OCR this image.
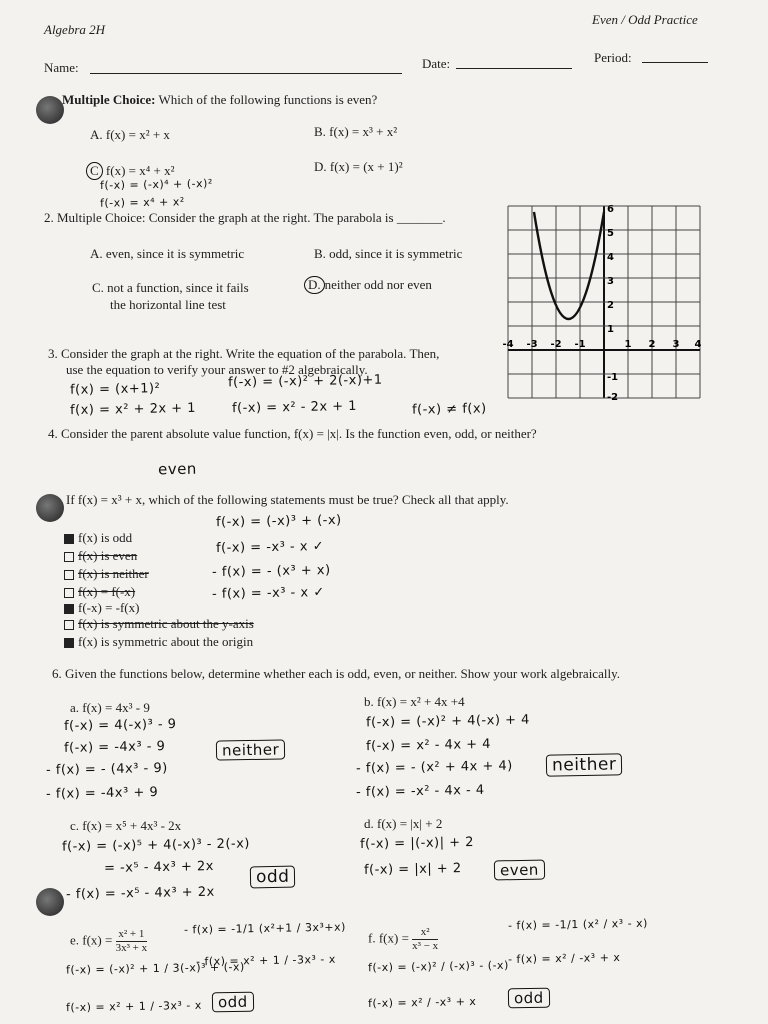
Algebra 2H
Even / Odd Practice
Name:	Date:	Period:
Multiple Choice: Which of the following functions is even?
A. f(x) = x² + x	B. f(x) = x³ + x²
C f(x) = x⁴ + x²	D. f(x) = (x + 1)²
f(-x) = (-x)⁴ + (-x)²
f(-x) = x⁴ + x²
2. Multiple Choice: Consider the graph at the right. The parabola is _______.
A. even, since it is symmetric	B. odd, since it is symmetric
C. not a function, since it fails
the horizontal line test
D. neither odd nor even
-4 -3 -2 -1	1 2 3 4
6
5
4
3
2
1
-1
-2
3. Consider the graph at the right. Write the equation of the parabola. Then,
use the equation to verify your answer to #2 algebraically.
f(x) = (x+1)²
f(x) = x² + 2x + 1
f(-x) = (-x)² + 2(-x)+1
f(-x) = x² - 2x + 1	f(-x) ≠ f(x)
4. Consider the parent absolute value function, f(x) = |x|. Is the function even, odd, or neither?
even
If f(x) = x³ + x, which of the following statements must be true? Check all that apply.
f(x) is odd
f(x) is even
f(x) is neither
f(x) = f(-x)
f(-x) = -f(x)
f(x) is symmetric about the y-axis
f(x) is symmetric about the origin
f(-x) = (-x)³ + (-x)
f(-x) = -x³ - x ✓
- f(x) = - (x³ + x)
- f(x) = -x³ - x ✓
6. Given the functions below, determine whether each is odd, even, or neither. Show your work algebraically.
a. f(x) = 4x³ - 9
f(-x) = 4(-x)³ - 9
f(-x) = -4x³ - 9
- f(x) = - (4x³ - 9)
- f(x) = -4x³ + 9
neither
b. f(x) = x² + 4x +4
f(-x) = (-x)² + 4(-x) + 4
f(-x) = x² - 4x + 4
- f(x) = - (x² + 4x + 4)
- f(x) = -x² - 4x - 4
neither
c. f(x) = x⁵ + 4x³ - 2x
f(-x) = (-x)⁵ + 4(-x)³ - 2(-x)
= -x⁵ - 4x³ + 2x
- f(x) = -x⁵ - 4x³ + 2x
odd
d. f(x) = |x| + 2
f(-x) = |(-x)| + 2
f(-x) = |x| + 2	even
e. $f(x) = \frac{\text{x² + 1}}{\text{3x³ + x}}$
f(-x) = (-x)² + 1 / 3(-x)³ + (-x)
f(-x) = x² + 1 / -3x³ - x
- f(x) = -1/1 (x²+1 / 3x³+x)
- f(x) = x² + 1 / -3x³ - x
odd
f. $f(x) = \frac{\text{x²}}{\text{x³ − x}}$
f(-x) = (-x)² / (-x)³ - (-x)
f(-x) = x² / -x³ + x
- f(x) = -1/1 (x² / x³ - x)
- f(x) = x² / -x³ + x
odd
